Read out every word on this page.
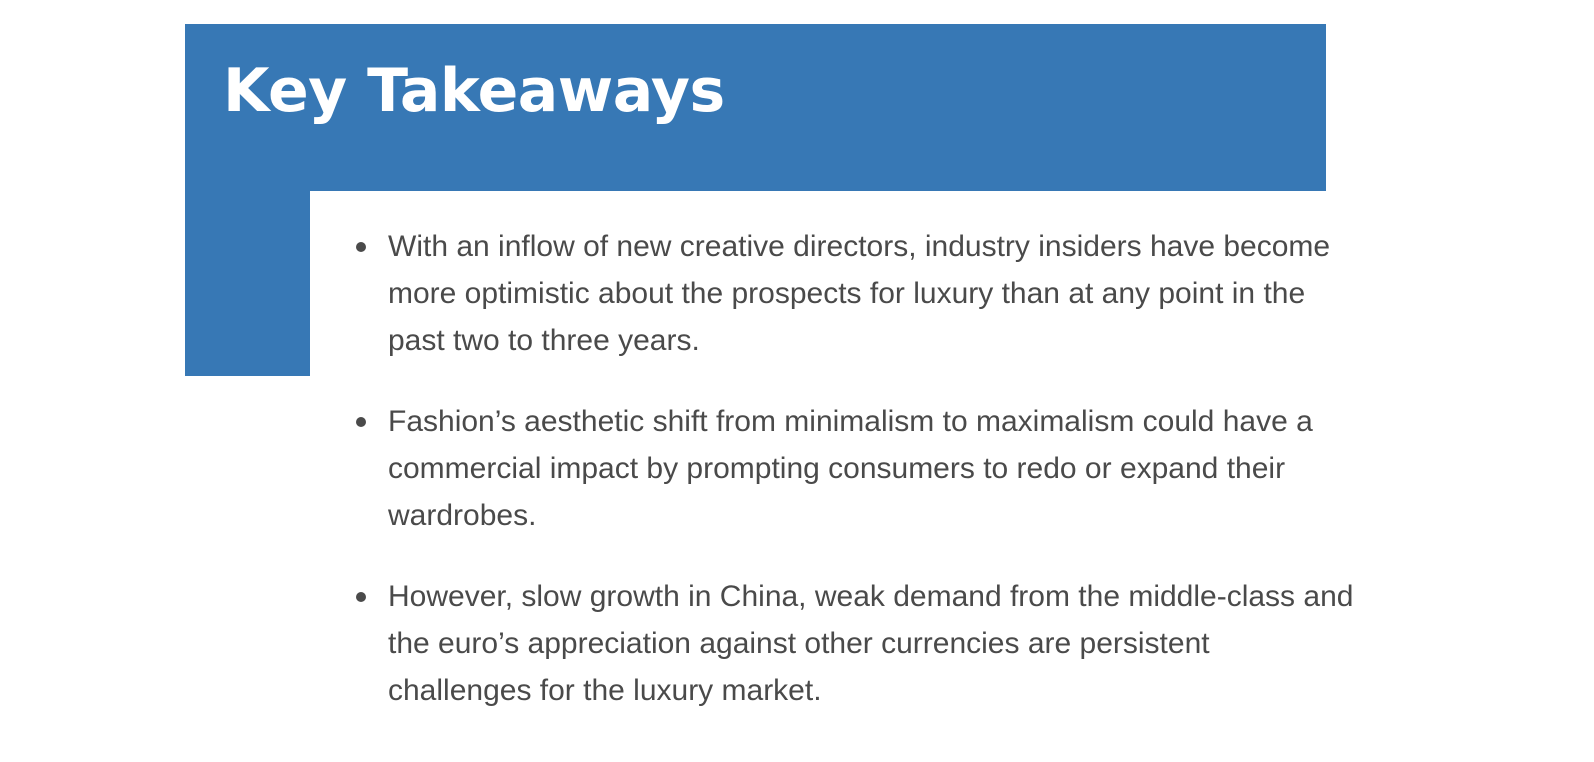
Key Takeaways
With an inflow of new creative directors, industry insiders have become more optimistic about the prospects for luxury than at any point in the past two to three years.
Fashion’s aesthetic shift from minimalism to maximalism could have a commercial impact by prompting consumers to redo or expand their wardrobes.
However, slow growth in China, weak demand from the middle-class and the euro’s appreciation against other currencies are persistent challenges for the luxury market.
